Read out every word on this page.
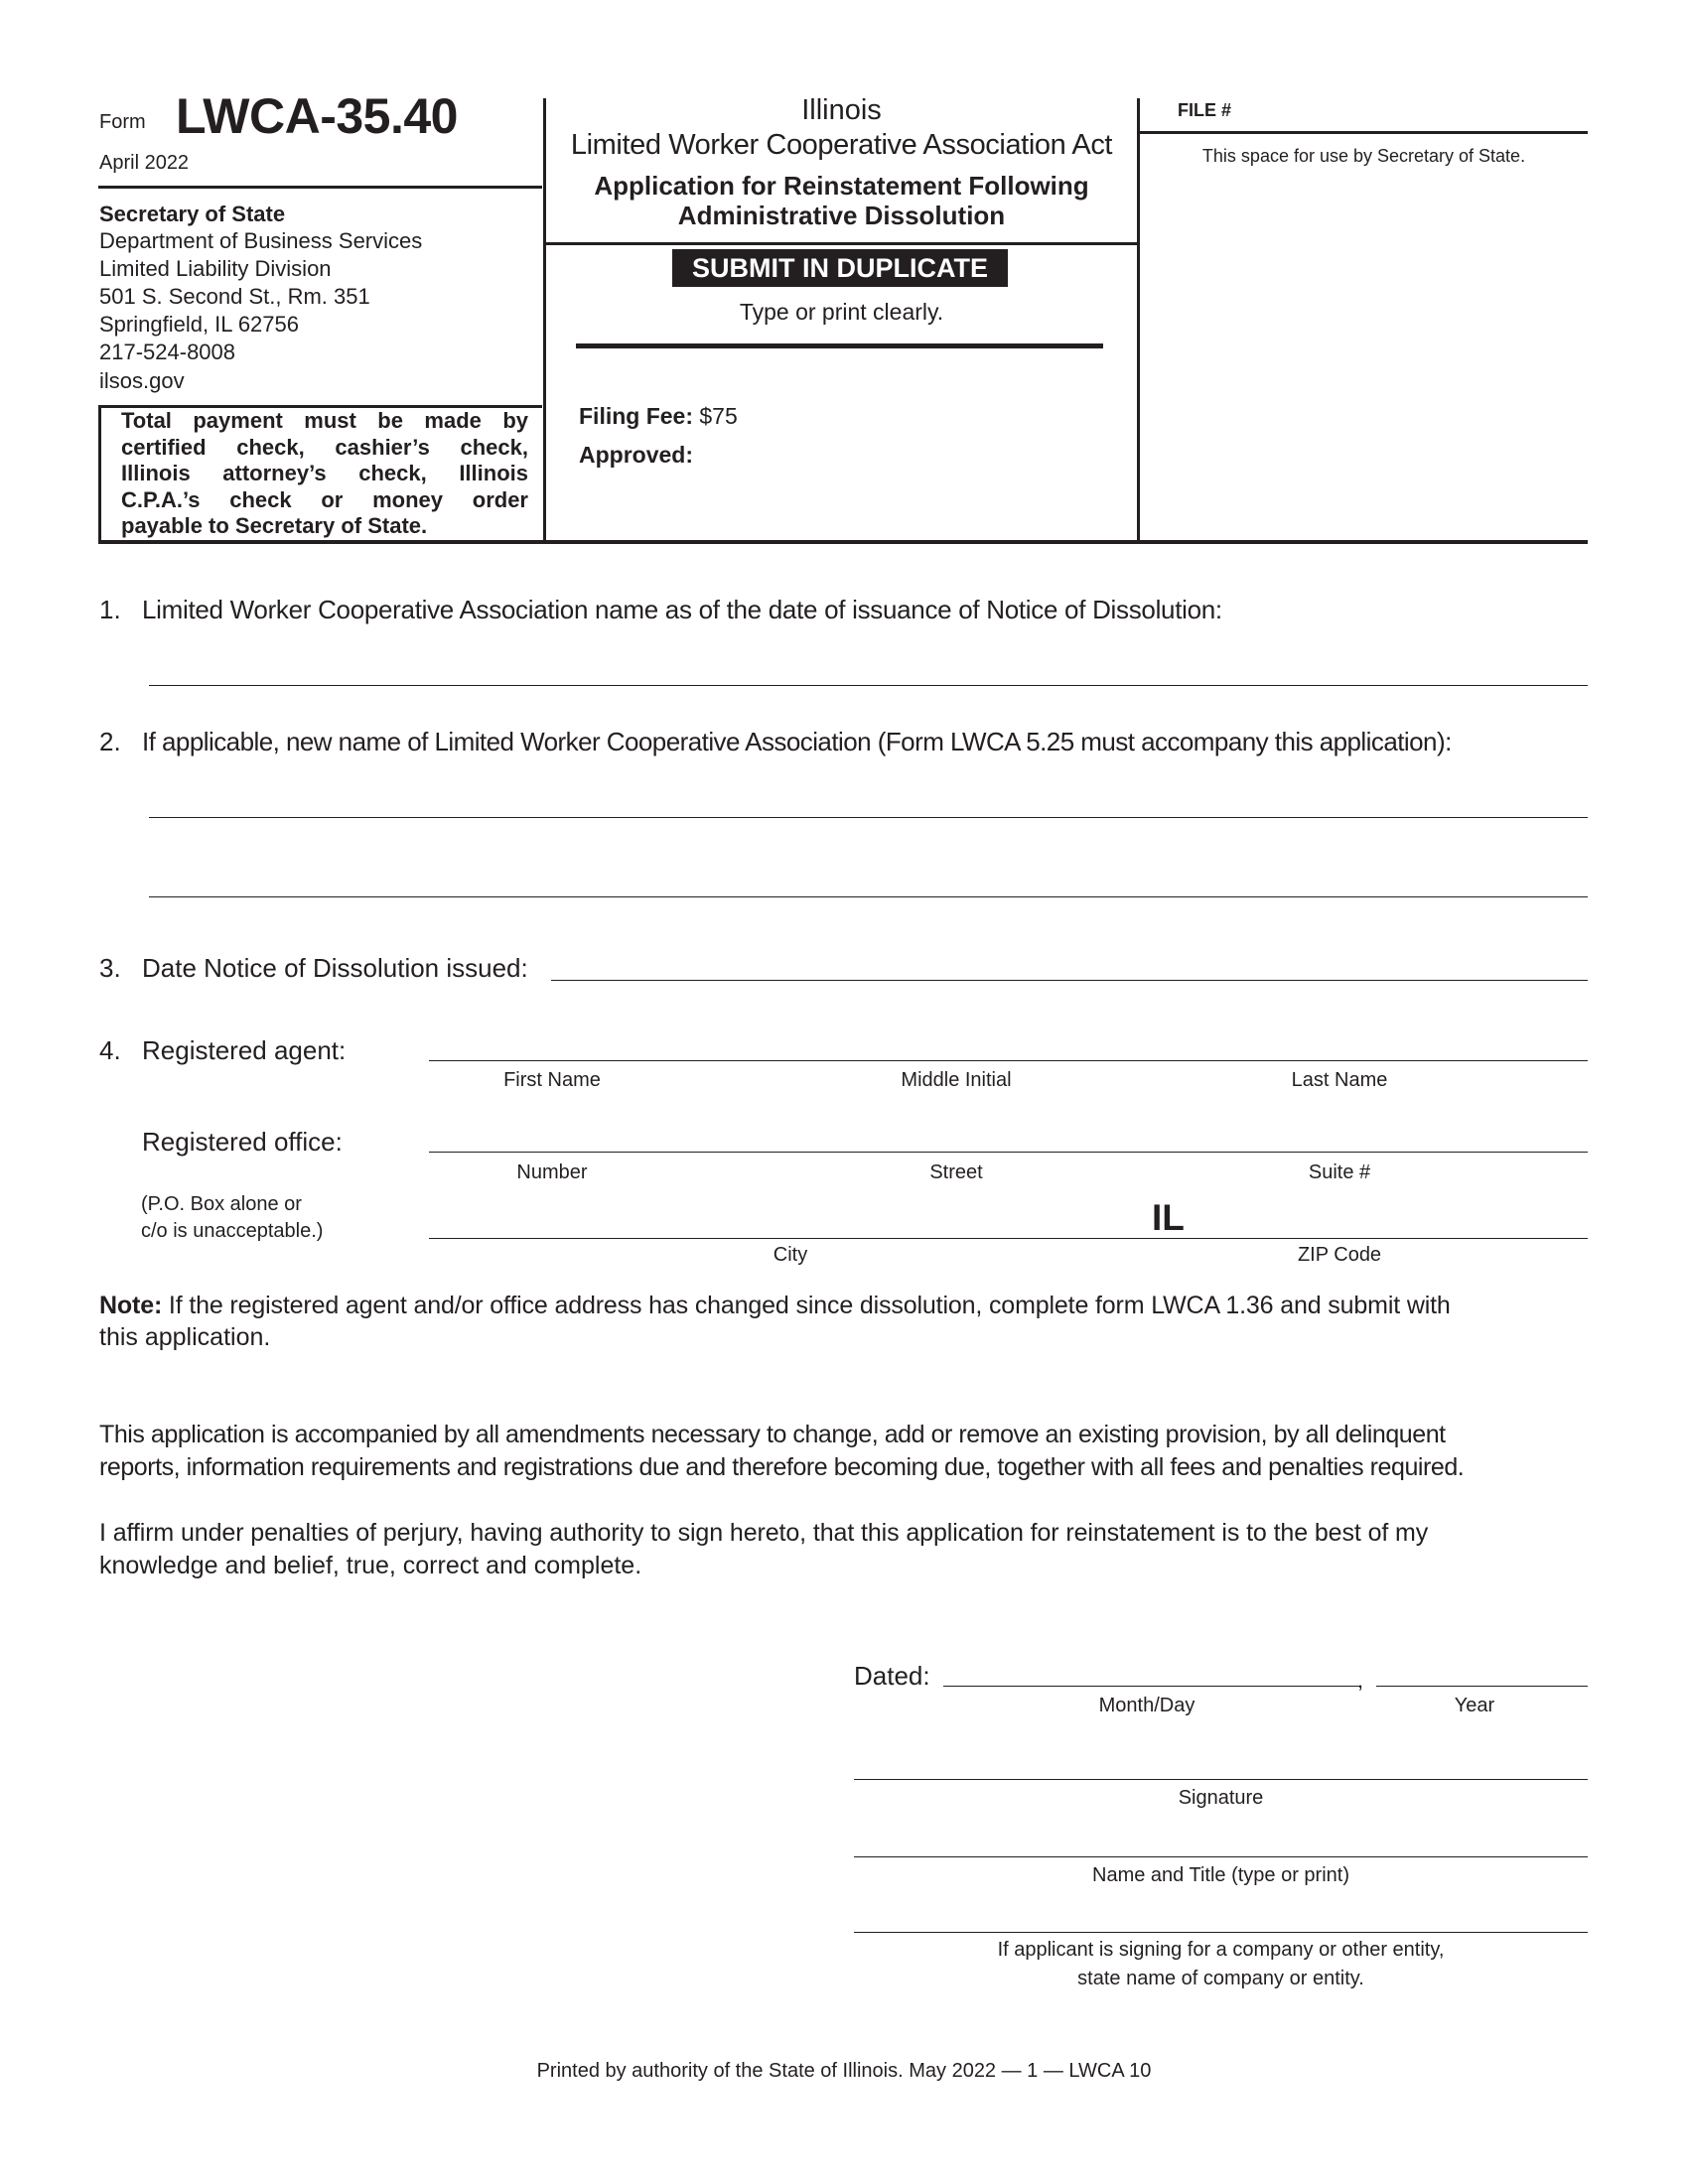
Form LWCA-35.40
April 2022
Secretary of State
Department of Business Services
Limited Liability Division
501 S. Second St., Rm. 351
Springfield, IL 62756
217-524-8008
ilsos.gov
Total payment must be made by
certified check, cashier’s check,
Illinois attorney’s check, Illinois
C.P.A.’s check or money order
payable to Secretary of State.
Illinois
Limited Worker Cooperative Association Act
Application for Reinstatement Following
Administrative Dissolution
SUBMIT IN DUPLICATE
Type or print clearly.
Filing Fee: $75
Approved:
FILE #
This space for use by Secretary of State.
1. Limited Worker Cooperative Association name as of the date of issuance of Notice of Dissolution:
2. If applicable, new name of Limited Worker Cooperative Association (Form LWCA 5.25 must accompany this application):
3. Date Notice of Dissolution issued:
4. Registered agent:
First Name	Middle Initial	Last Name
Registered office:
Number	Street	Suite #
(P.O. Box alone or
c/o is unacceptable.)	IL
City	ZIP Code
Note: If the registered agent and/or office address has changed since dissolution, complete form LWCA 1.36 and submit with
this application.
This application is accompanied by all amendments necessary to change, add or remove an existing provision, by all delinquent
reports, information requirements and registrations due and therefore becoming due, together with all fees and penalties required.
I affirm under penalties of perjury, having authority to sign hereto, that this application for reinstatement is to the best of my
knowledge and belief, true, correct and complete.
Dated:	,
Month/Day	Year
Signature
Name and Title (type or print)
If applicant is signing for a company or other entity,
state name of company or entity.
Printed by authority of the State of Illinois. May 2022 — 1 — LWCA 10
